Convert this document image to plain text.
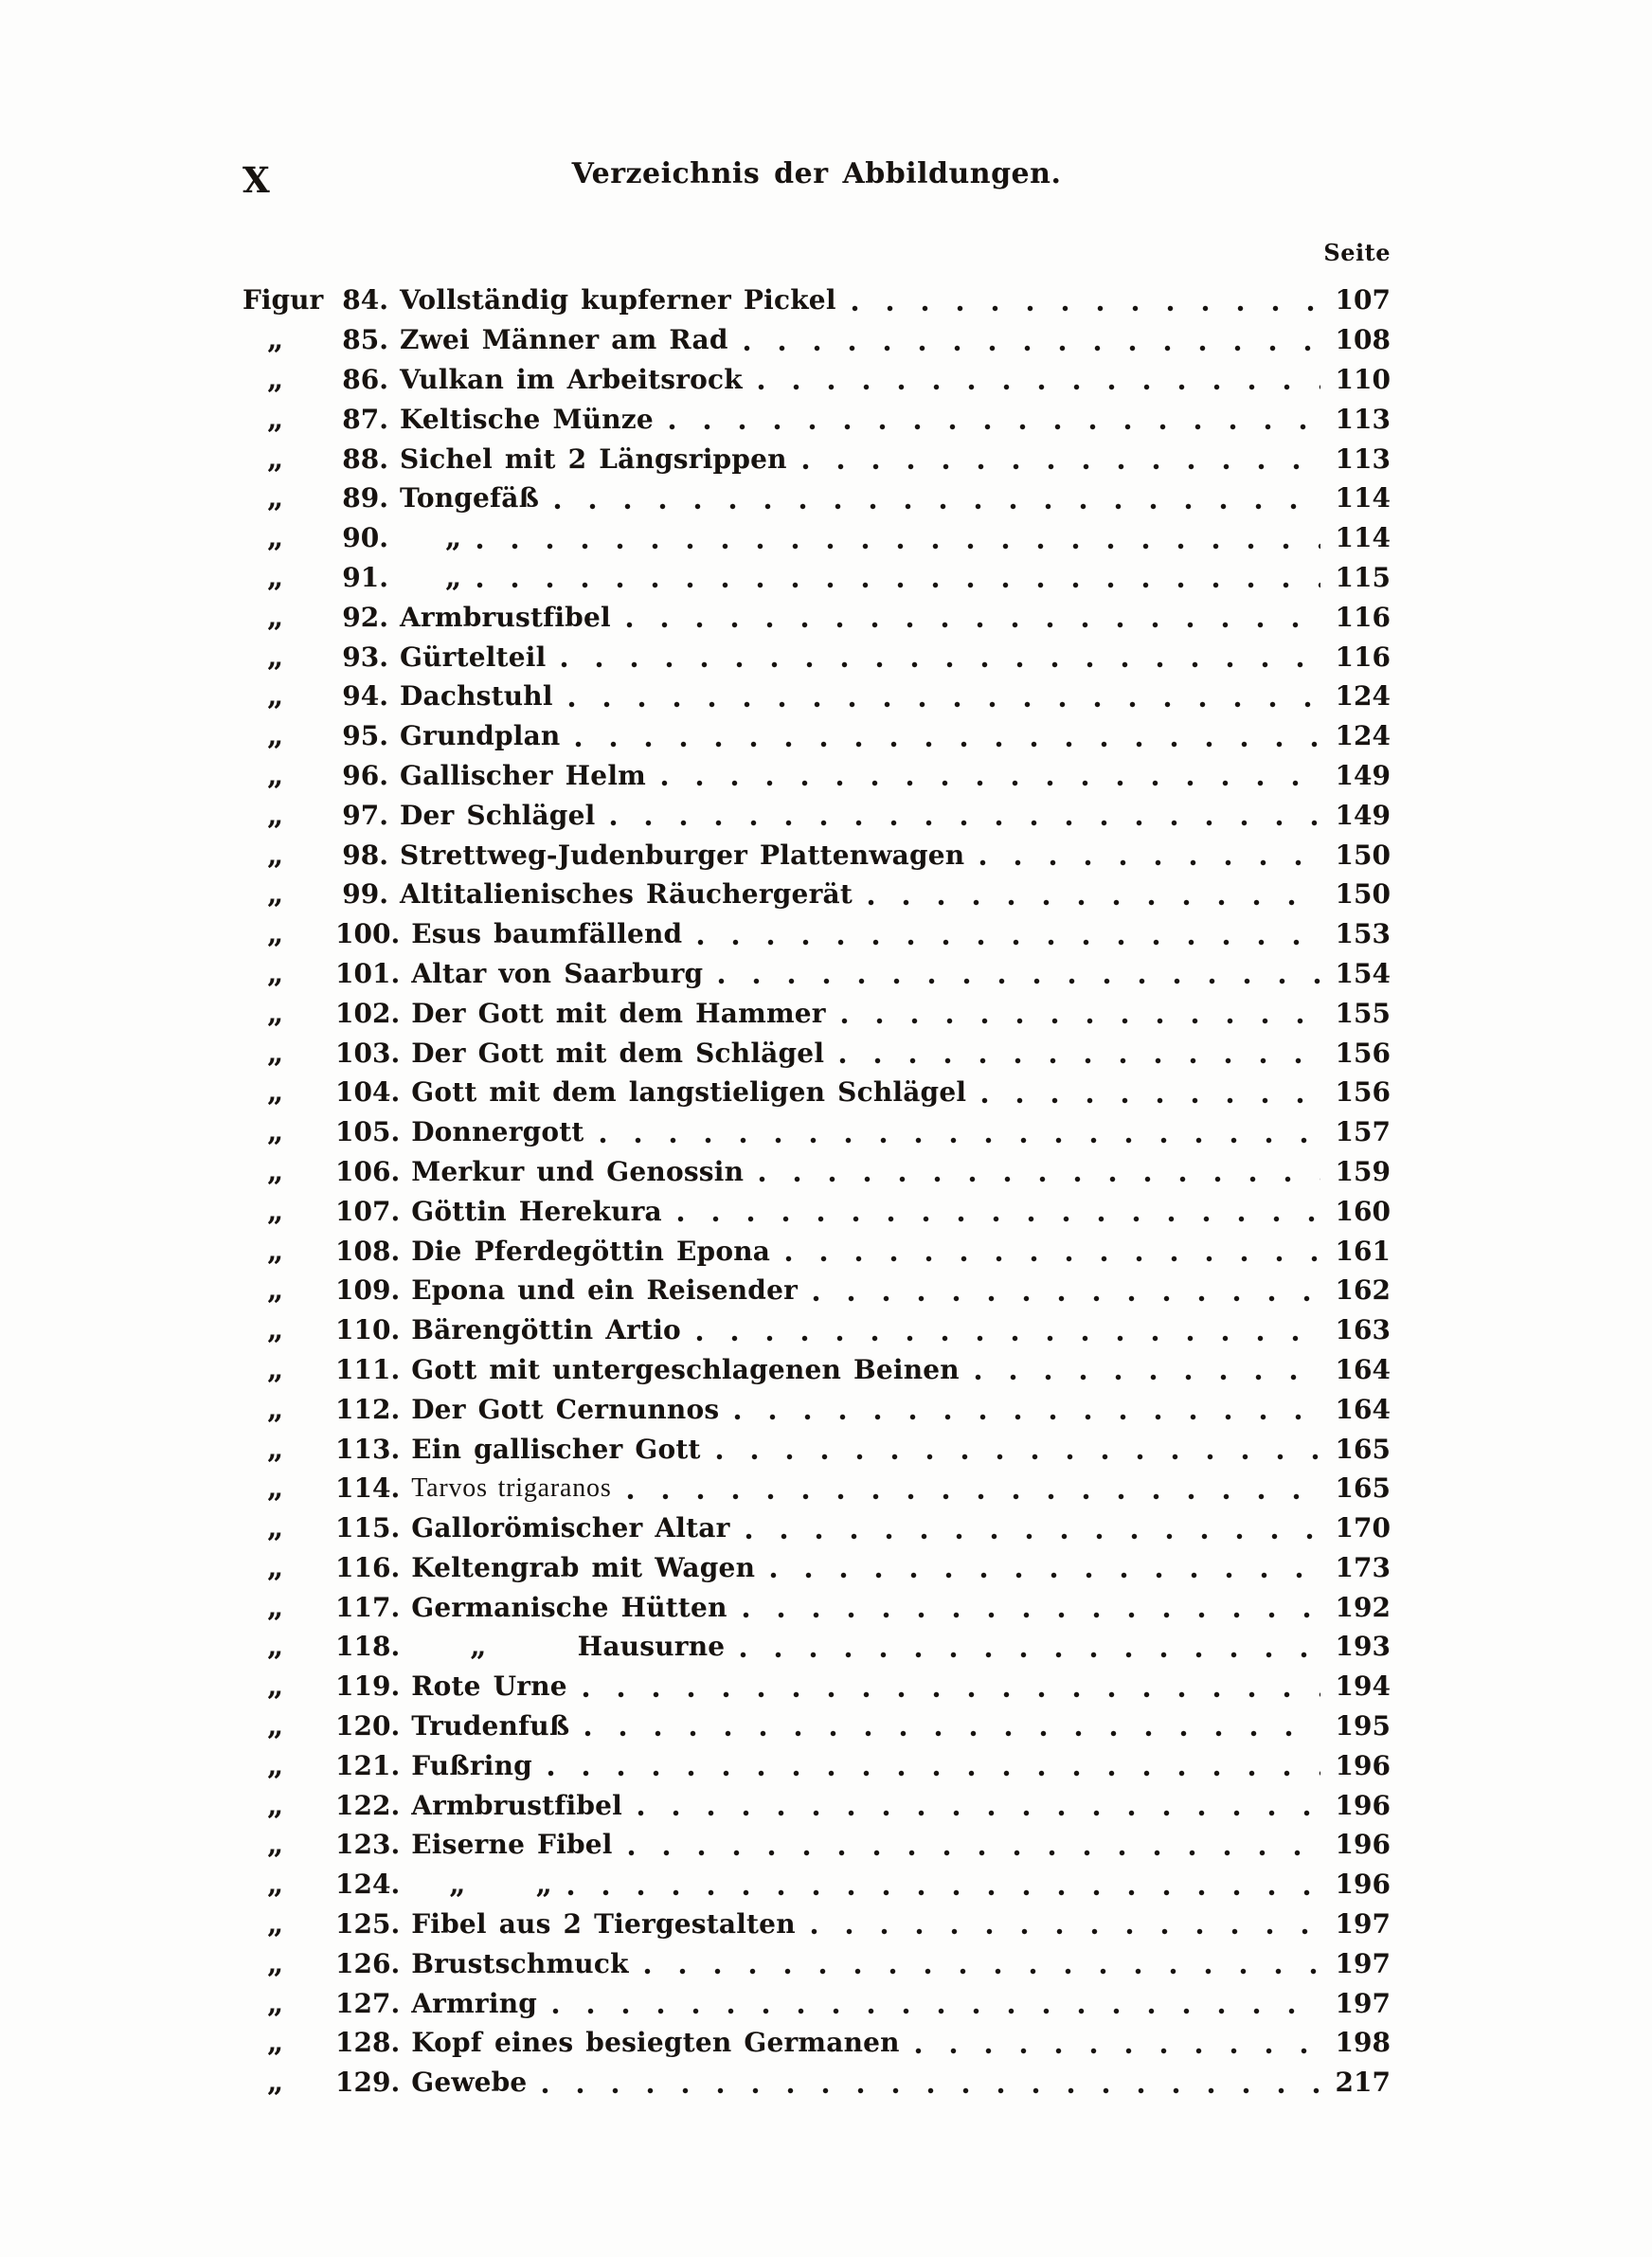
X	Verzeichnis der Abbildungen.
Seite
Figur 84. Vollständig kupferner Pickel	107
„	85. Zwei Männer am Rad	108
„	86. Vulkan im Arbeitsrock	110
„	87. Keltische Münze	113
„	88. Sichel mit 2 Längsrippen	113
„	89. Tongefäß	114
„	90.	„	114
„	91.	„	115
„	92. Armbrustfibel	116
„	93. Gürtelteil	116
„	94. Dachstuhl	124
„	95. Grundplan	124
„	96. Gallischer Helm	149
„	97. Der Schlägel	149
„	98. Strettweg-Judenburger Plattenwagen	150
„	99. Altitalienisches Räuchergerät	150
„	100. Esus baumfällend	153
„	101. Altar von Saarburg	154
„	102. Der Gott mit dem Hammer	155
„	103. Der Gott mit dem Schlägel	156
„	104. Gott mit dem langstieligen Schlägel	156
„	105. Donnergott	157
„	106. Merkur und Genossin	159
„	107. Göttin Herekura	160
„	108. Die Pferdegöttin Epona	161
„	109. Epona und ein Reisender	162
„	110. Bärengöttin Artio	163
„	111. Gott mit untergeschlagenen Beinen	164
„	112. Der Gott Cernunnos	164
„	113. Ein gallischer Gott	165
„	114. Tarvos trigaranos	165
„	115. Gallorömischer Altar	170
„	116. Keltengrab mit Wagen	173
„	117. Germanische Hütten	192
„	118.	„	Hausurne	193
„	119. Rote Urne	194
„	120. Trudenfuß	195
„	121. Fußring	196
„	122. Armbrustfibel	196
„	123. Eiserne Fibel	196
„	124.	„ „	196
„	125. Fibel aus 2 Tiergestalten	197
„	126. Brustschmuck	197
„	127. Armring	197
„	128. Kopf eines besiegten Germanen	198
„	129. Gewebe	217
